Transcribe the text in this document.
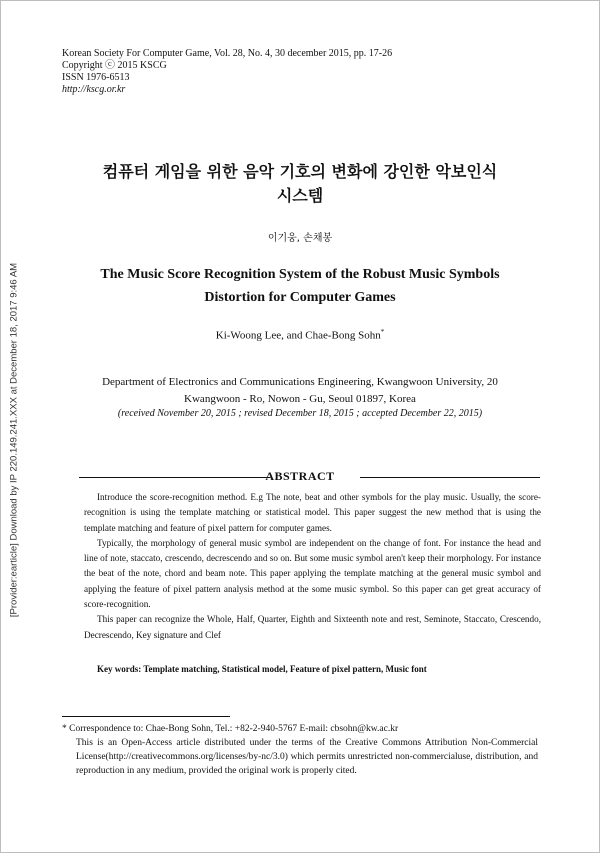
[Provider:earticle] Download by IP 220.149.241.XXX at December 18, 2017 9:46 AM
Korean Society For Computer Game, Vol. 28, No. 4, 30 december 2015, pp. 17-26
Copyright ⓒ 2015 KSCG
ISSN 1976-6513
http://kscg.or.kr
컴퓨터 게임을 위한 음악 기호의 변화에 강인한 악보인식
시스템
이기웅, 손채봉
The Music Score Recognition System of the Robust Music Symbols
Distortion for Computer Games
Ki-Woong Lee, and Chae-Bong Sohn*
Department of Electronics and Communications Engineering, Kwangwoon University, 20
Kwangwoon - Ro, Nowon - Gu, Seoul 01897, Korea
(received November 20, 2015 ; revised December 18, 2015 ; accepted December 22, 2015)
ABSTRACT

Introduce the score-recognition method. E.g The note, beat and other symbols for the play music. Usually, the score-recognition is using the template matching or statistical model. This paper suggest the new method that is using the template matching and feature of pixel pattern for computer games.

Typically, the morphology of general music symbol are independent on the change of font. For instance the head and line of note, staccato, crescendo, decrescendo and so on. But some music symbol aren't keep their morphology. For instance the beat of the note, chord and beam note. This paper applying the template matching at the general music symbol and applying the feature of pixel pattern analysis method at the some music symbol. So this paper can get great accuracy of score-recognition.

This paper can recognize the Whole, Half, Quarter, Eighth and Sixteenth note and rest, Seminote, Staccato, Crescendo, Decrescendo, Key signature and Clef

Key words: Template matching, Statistical model, Feature of pixel pattern, Music font
* Correspondence to: Chae-Bong Sohn, Tel.: +82-2-940-5767 E-mail: cbsohn@kw.ac.kr
This is an Open-Access article distributed under the terms of the Creative Commons Attribution Non-Commercial License(http://creativecommons.org/licenses/by-nc/3.0) which permits unrestricted non-commercialuse, distribution, and reproduction in any medium, provided the original work is properly cited.
